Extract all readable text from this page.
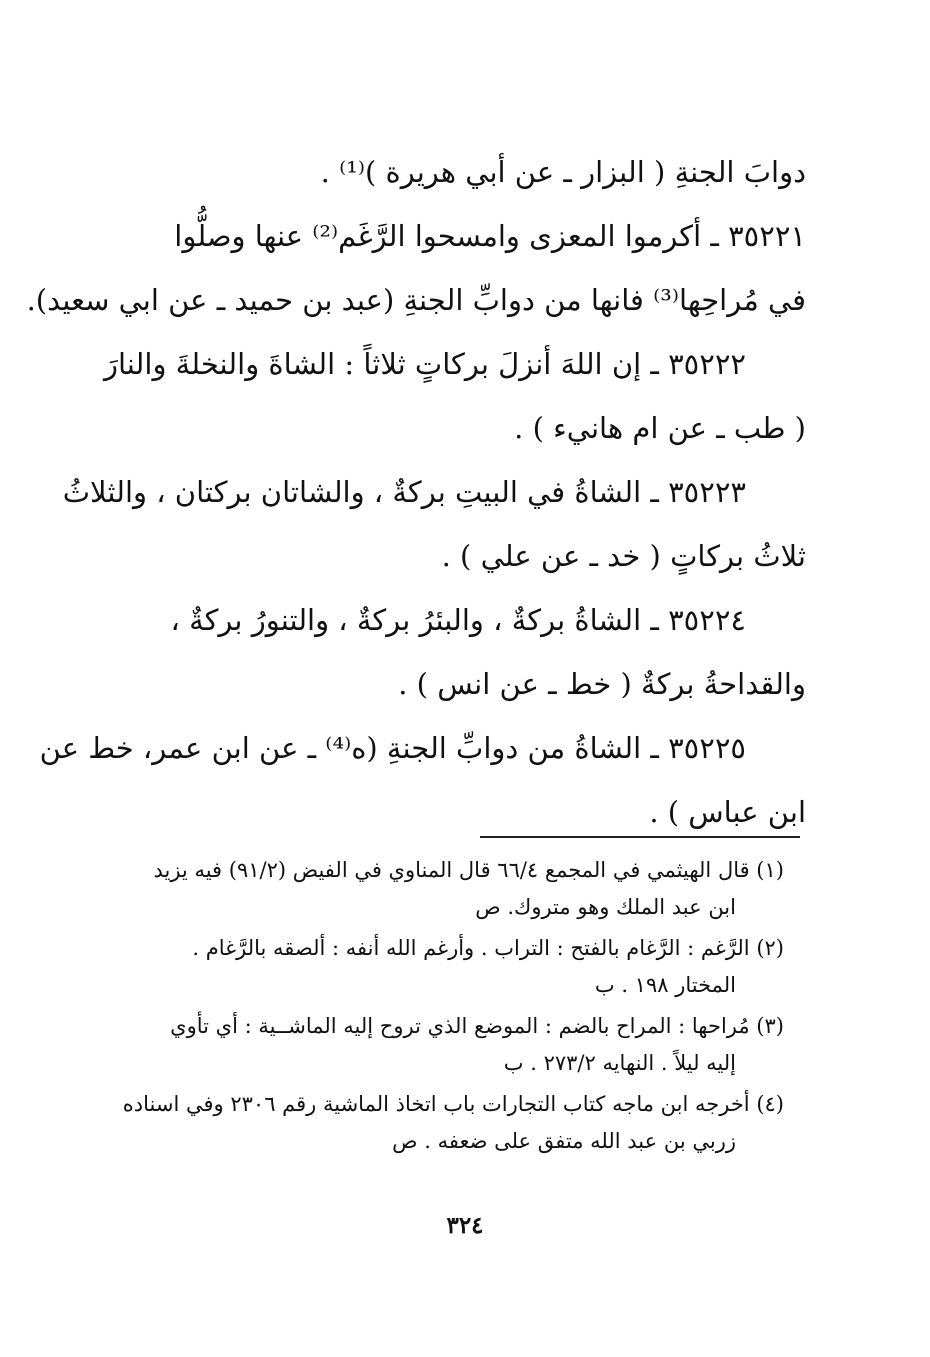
دوابَ الجنةِ ( البزار ـ عن أبي هريرة )⁽¹⁾ .
٣٥٢٢١ ـ أكرموا المعزى وامسحوا الرَّغَم⁽²⁾ عنها وصلُّوا
في مُراحِها⁽³⁾ فانها من دوابِّ الجنةِ (عبد بن حميد ـ عن ابي سعيد).
٣٥٢٢٢ ـ إن اللهَ أنزلَ بركاتٍ ثلاثاً : الشاةَ والنخلةَ والنارَ
( طب ـ عن ام هانيء ) .
٣٥٢٢٣ ـ الشاةُ في البيتِ بركةٌ ، والشاتان بركتان ، والثلاثُ
ثلاثُ بركاتٍ ( خد ـ عن علي ) .
٣٥٢٢٤ ـ الشاةُ بركةٌ ، والبئرُ بركةٌ ، والتنورُ بركةٌ ،
والقداحةُ بركةٌ ( خط ـ عن انس ) .
٣٥٢٢٥ ـ الشاةُ من دوابِّ الجنةِ (ه⁽⁴⁾ ـ عن ابن عمر، خط عن
ابن عباس ) .
(١) قال الهيثمي في المجمع ٦٦/٤ قال المناوي في الفيض (٩١/٢) فيه يزيد
ابن عبد الملك وهو متروك. ص
(٢) الرَّغم : الرَّغام بالفتح : التراب . وأرغم الله أنفه : ألصقه بالرَّغام .
المختار ١٩٨ . ب
(٣) مُراحها : المراح بالضم : الموضع الذي تروح إليه الماشــية : أي تأوي
إليه ليلاً . النهايه ٢٧٣/٢ . ب
(٤) أخرجه ابن ماجه كتاب التجارات باب اتخاذ الماشية رقم ٢٣٠٦ وفي اسناده
زربي بن عبد الله متفق على ضعفه . ص
٣٢٤
